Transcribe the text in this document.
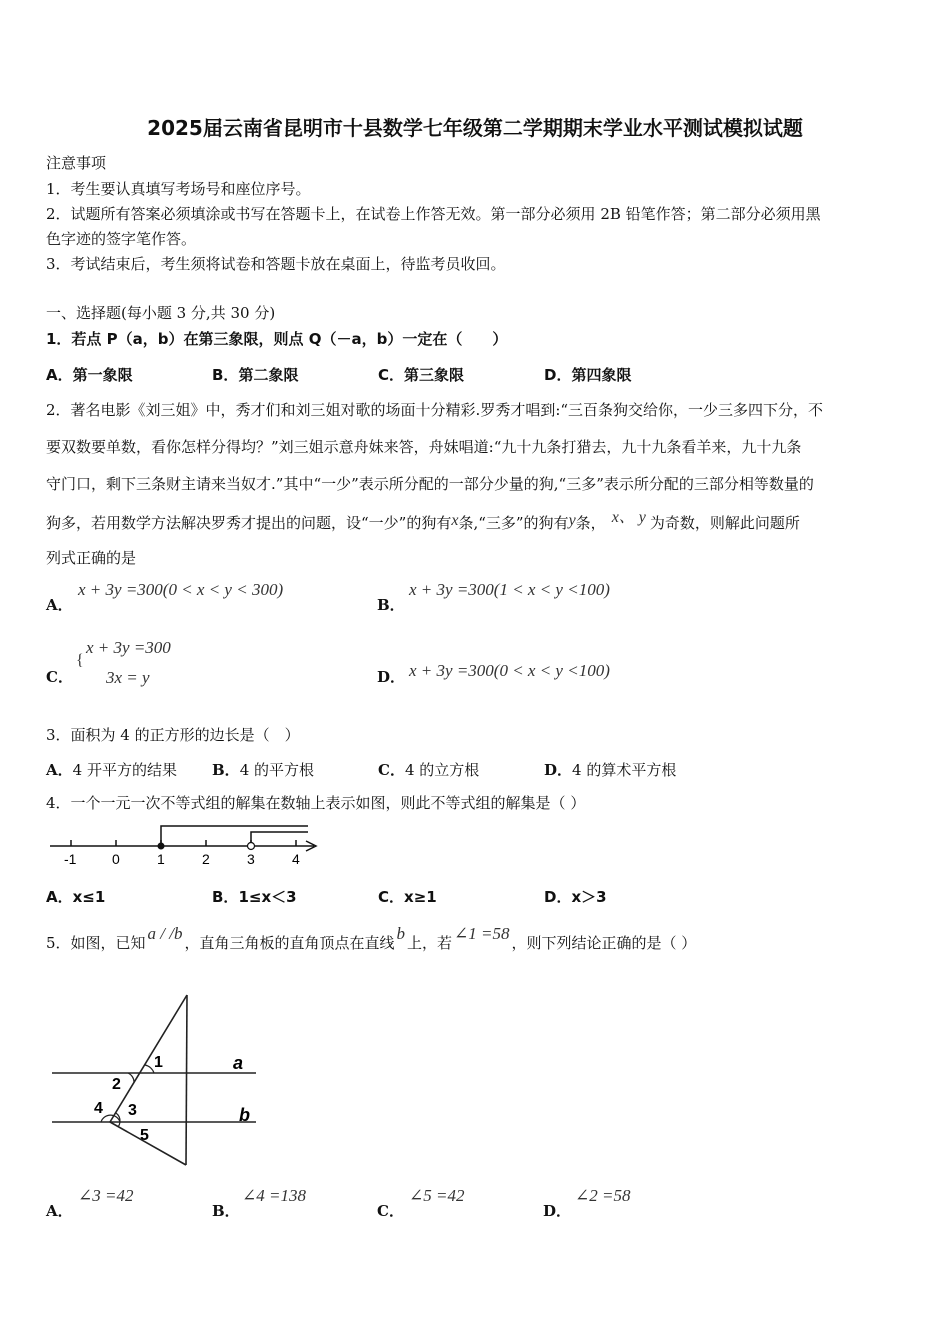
2025届云南省昆明市十县数学七年级第二学期期末学业水平测试模拟试题
注意事项
1．考生要认真填写考场号和座位序号。
2．试题所有答案必须填涂或书写在答题卡上，在试卷上作答无效。第一部分必须用 2B 铅笔作答；第二部分必须用黑
色字迹的签字笔作答。
3．考试结束后，考生须将试卷和答题卡放在桌面上，待监考员收回。
一、选择题(每小题 3 分,共 30 分)
1．若点 P（a，b）在第三象限，则点 Q（－a，b）一定在（　　）
A．第一象限	B．第二象限	C．第三象限	D．第四象限
2．著名电影《刘三姐》中，秀才们和刘三姐对歌的场面十分精彩.罗秀才唱到:“三百条狗交给你，一少三多四下分，不
要双数要单数，看你怎样分得均？”刘三姐示意舟妹来答，舟妹唱道:“九十九条打猎去，九十九条看羊来，九十九条
守门口，剩下三条财主请来当奴才.”其中“一少”表示所分配的一部分少量的狗,“三多”表示所分配的三部分相等数量的
狗多，若用数学方法解决罗秀才提出的问题，设“一少”的狗有x条,“三多”的狗有y条， x、 y 为奇数，则解此问题所
列式正确的是
A．
x + 3y =300(0 < x < y < 300)
B．
x + 3y =300(1 < x < y <100)
C．
{
x + 3y =300
3x = y	D． x + 3y =300(0 < x < y <100)
3．面积为 4 的正方形的边长是（　）
A．4 开平方的结果 B．4 的平方根	C．4 的立方根	D．4 的算术平方根
4．一个一元一次不等式组的解集在数轴上表示如图，则此不等式组的解集是（ ）
-1	0	1	2	3	4
A．x≤1	B．1≤x＜3	C．x≥1	D．x＞3
5．如图，已知 a / /b ，直角三角板的直角顶点在直线 b 上，若 ∠1 =58 ，则下列结论正确的是（ ）
1
2
3
4
5
a
b
A．
∠3 =42
B．
∠4 =138
C．
∠5 =42
D．
∠2 =58
